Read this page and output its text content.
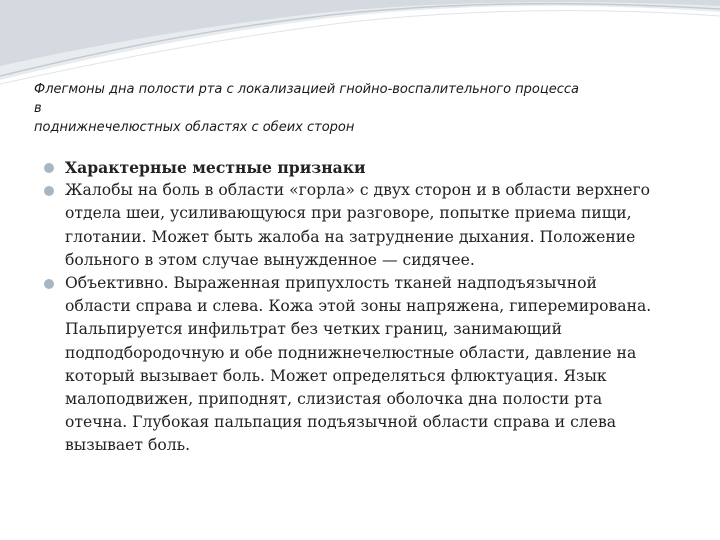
Флегмоны дна полости рта с локализацией гнойно-воспалительного процесса
в
поднижнечелюстных областях с обеих сторон
Характерные местные признаки
Жалобы на боль в области «горла» с двух сторон и в области верхнего
отдела шеи, усиливающуюся при разговоре, попытке приема пищи,
глотании. Может быть жалоба на затруднение дыхания. Положение
больного в этом случае вынужденное — сидячее.
Объективно. Выраженная припухлость тканей надподъязычной
области справа и слева. Кожа этой зоны напряжена, гиперемирована.
Пальпируется инфильтрат без четких границ, занимающий
подподбородочную и обе поднижнечелюстные области, давление на
который вызывает боль. Может определяться флюктуация. Язык
малоподвижен, приподнят, слизистая оболочка дна полости рта
отечна. Глубокая пальпация подъязычной области справа и слева
вызывает боль.
